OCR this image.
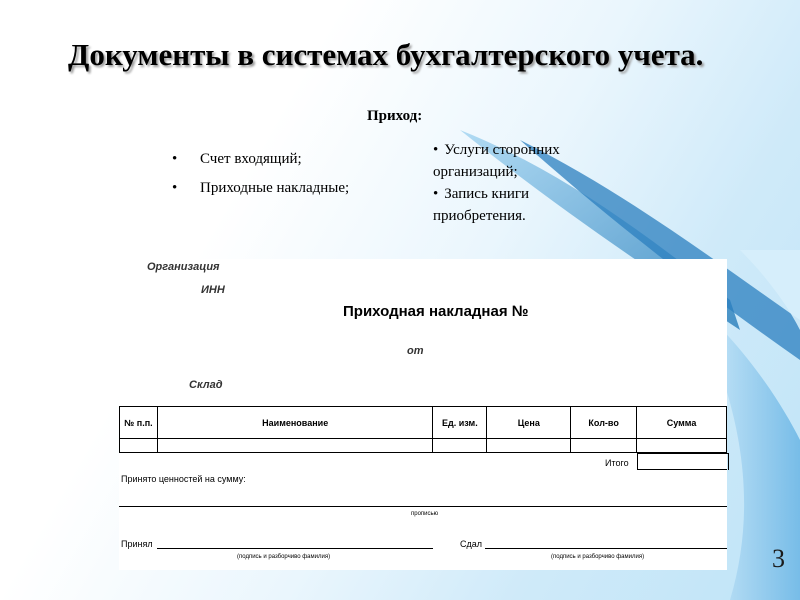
Документы в системах бухгалтерского учета.
Приход:
• Счет входящий;
• Приходные накладные;
• Услуги сторонних организаций;
• Запись книги приобретения.
Организация
ИНН
Приходная накладная №
от
Склад
№ п.п.	Наименование	Ед. изм.	Цена	Кол-во	Сумма

Итого
Принято ценностей на сумму:
прописью
Принял
(подпись и разборчиво фамилия)
Сдал
(подпись и разборчиво фамилия)	3
